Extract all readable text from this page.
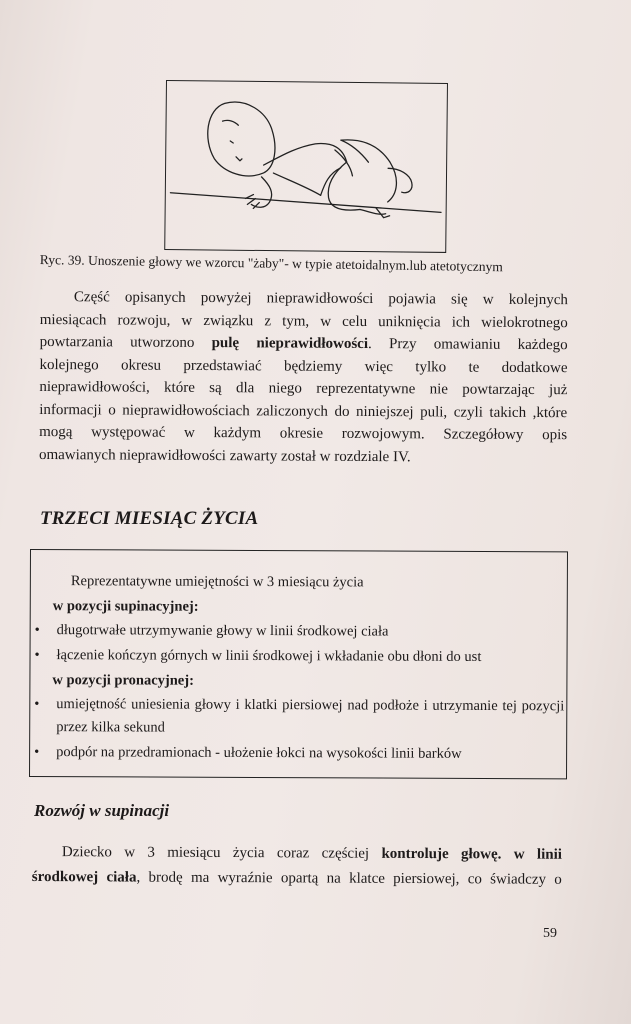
Ryc. 39. Unoszenie głowy we wzorcu "żaby"- w typie atetoidalnym.lub atetotycznym
Część opisanych powyżej nieprawidłowości pojawia się w kolejnych
miesiącach rozwoju, w związku z tym, w celu uniknięcia ich wielokrotnego
powtarzania utworzono pulę nieprawidłowości. Przy omawianiu każdego
kolejnego okresu przedstawiać będziemy więc tylko te dodatkowe
nieprawidłowości, które są dla niego reprezentatywne nie powtarzając już
informacji o nieprawidłowościach zaliczonych do niniejszej puli, czyli takich ,które
mogą występować w każdym okresie rozwojowym. Szczegółowy opis
omawianych nieprawidłowości zawarty został w rozdziale IV.
TRZECI MIESIĄC ŻYCIA
Reprezentatywne umiejętności w 3 miesiącu życia
w pozycji supinacyjnej:
• długotrwałe utrzymywanie głowy w linii środkowej ciała
• łączenie kończyn górnych w linii środkowej i wkładanie obu dłoni do ust
w pozycji pronacyjnej:
• umiejętność uniesienia głowy i klatki piersiowej nad podłoże i utrzymanie tej pozycji przez kilka sekund
• podpór na przedramionach - ułożenie łokci na wysokości linii barków
Rozwój w supinacji
Dziecko w 3 miesiącu życia coraz częściej kontroluje głowę. w linii
środkowej ciała, brodę ma wyraźnie opartą na klatce piersiowej, co świadczy o
59
